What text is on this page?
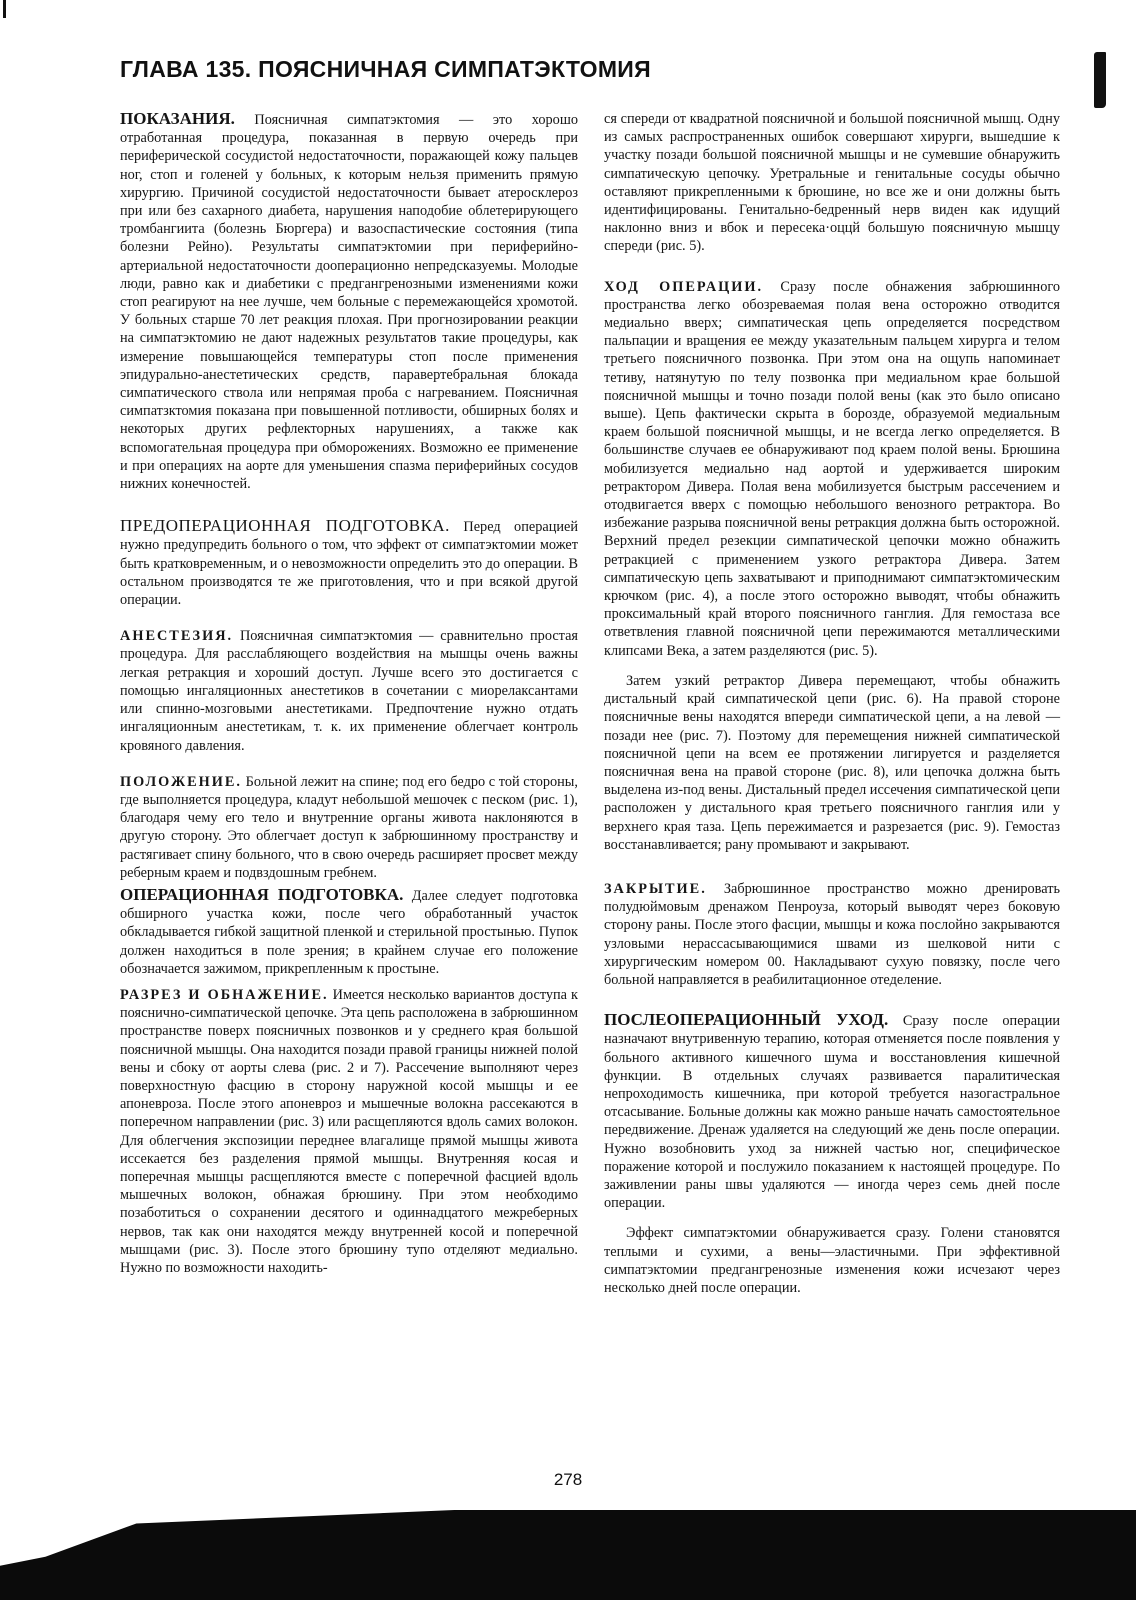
ГЛАВА 135. ПОЯСНИЧНАЯ СИМПАТЭКТОМИЯ

ПОКАЗАНИЯ. Поясничная симпатэктомия — это хорошо отработанная процедура, показанная в первую очередь при периферической сосудистой недостаточности, поражающей кожу пальцев ног, стоп и голеней у больных, к которым нельзя применить прямую хирургию. Причиной сосудистой недостаточности бывает атеросклероз при или без сахарного диабета, нарушения наподобие облетерирующего тромбангиита (болезнь Бюргера) и вазоспастические состояния (типа болезни Рейно). Результаты симпатэктомии при периферийно-артериальной недостаточности дооперационно непредсказуемы. Молодые люди, равно как и диабетики с предгангренозными изменениями кожи стоп реагируют на нее лучше, чем больные с перемежающейся хромотой. У больных старше 70 лет реакция плохая. При прогнозировании реакции на симпатэктомию не дают надежных результатов такие процедуры, как измерение повышающейся температуры стоп после применения эпидурально-анестетических средств, паравертебральная блокада симпатического ствола или непрямая проба с нагреванием. Поясничная симпатзктомия показана при повышенной потливости, обширных болях и некоторых других рефлекторных нарушениях, а также как вспомогательная процедура при обморожениях. Возможно ее применение и при операциях на аорте для уменьшения спазма периферийных сосудов нижних конечностей.

ПРЕДОПЕРАЦИОННАЯ ПОДГОТОВКА. Перед операцией нужно предупредить больного о том, что эффект от симпатэктомии может быть кратковременным, и о невозможности определить это до операции. В остальном производятся те же приготовления, что и при всякой другой операции.

АНЕСТЕЗИЯ. Поясничная симпатэктомия — сравнительно простая процедура. Для расслабляющего воздействия на мышцы очень важны легкая ретракция и хороший доступ. Лучше всего это достигается с помощью ингаляционных анестетиков в сочетании с миорелаксантами или спинно-мозговыми анестетиками. Предпочтение нужно отдать ингаляционным анестетикам, т. к. их применение облегчает контроль кровяного давления.

ПОЛОЖЕНИЕ. Больной лежит на спине; под его бедро с той стороны, где выполняется процедура, кладут небольшой мешочек с песком (рис. 1), благодаря чему его тело и внутренние органы живота наклоняются в другую сторону. Это облегчает доступ к забрюшинному пространству и растягивает спину больного, что в свою очередь расширяет просвет между реберным краем и подвздошным гребнем.

ОПЕРАЦИОННАЯ ПОДГОТОВКА. Далее следует подготовка обширного участка кожи, после чего обработанный участок обкладывается гибкой защитной пленкой и стерильной простынью. Пупок должен находиться в поле зрения; в крайнем случае его положение обозначается зажимом, прикрепленным к простыне.

РАЗРЕЗ И ОБНАЖЕНИЕ. Имеется несколько вариантов доступа к поясничнo-симпатической цепочке. Эта цепь расположена в забрюшинном пространстве поверх поясничных позвонков и у среднего края большой поясничной мышцы. Она находится позади правой границы нижней полой вены и сбоку от аорты слева (рис. 2 и 7). Рассечение выполняют через поверхностную фасцию в сторону наружной косой мышцы и ее апоневроза. После этого апоневроз и мышечные волокна рассекаются в поперечном направлении (рис. 3) или расщепляются вдоль самих волокон. Для облегчения экспозиции переднее влагалище прямой мышцы живота иссекается без разделения прямой мышцы. Внутренняя косая и поперечная мышцы расщепляются вместе с поперечной фасцией вдоль мышечных волокон, обнажая брюшину. При этом необходимо позаботиться о сохранении десятого и одиннадцатого межреберных нервов, так как они находятся между внутренней косой и поперечной мышцами (рис. 3). После этого брюшину тупо отделяют медиально. Нужно по возможности находить-

ся спереди от квадратной поясничной и большой поясничной мышц. Одну из самых распространенных ошибок совершают хирурги, вышедшие к участку позади большой поясничной мышцы и не сумевшие обнаружить симпатическую цепочку. Уретральные и генитальные сосуды обычно оставляют прикрепленными к брюшине, но все же и они должны быть идентифицированы. Генитально-бедренный нерв виден как идущий наклонно вниз и вбок и пересека·оццй большую поясничную мышцу спереди (рис. 5).

ХОД ОПЕРАЦИИ. Сразу после обнажения забрюшинного пространства легко обозреваемая полая вена осторожно отводится медиально вверх; симпатическая цепь определяется посредством пальпации и вращения ее между указательным пальцем хирурга и телом третьего поясничного позвонка. При этом она на ощупь напоминает тетиву, натянутую по телу позвонка при медиальном крае большой поясничной мышцы и точно позади полой вены (как это было описано выше). Цепь фактически скрыта в борозде, образуемой медиальным краем большой поясничной мышцы, и не всегда легко определяется. В большинстве случаев ее обнаруживают под краем полой вены. Брюшина мобилизуется медиально над аортой и удерживается широким ретрактором Дивера. Полая вена мобилизуется быстрым рассечением и отодвигается вверх с помощью небольшого венозного ретрактора. Во избежание разрыва поясничной вены ретракция должна быть осторожной. Верхний предел резекции симпатической цепочки можно обнажить ретракцией с применением узкого ретрактора Дивера. Затем симпатическую цепь захватывают и приподнимают симпатэктомическим крючком (рис. 4), а после этого осторожно выводят, чтобы обнажить проксимальный край второго поясничного ганглия. Для гемостаза все ответвления главной поясничной цепи пережимаются металлическими клипсами Века, а затем разделяются (рис. 5).

Затем узкий ретрактор Дивера перемещают, чтобы обнажить дистальный край симпатической цепи (рис. 6). На правой стороне поясничные вены находятся впереди симпатической цепи, а на левой — позади нее (рис. 7). Поэтому для перемещения нижней симпатической поясничной цепи на всем ее протяжении лигируется и разделяется поясничная вена на правой стороне (рис. 8), или цепочка должна быть выделена из-под вены. Дистальный предел иссечения симпатической цепи расположен у дистального края третьего поясничного ганглия или у верхнего края таза. Цепь пережимается и разрезается (рис. 9). Гемостаз восстанавливается; рану промывают и закрывают.

ЗАКРЫТИЕ. Забрюшинное пространство можно дренировать полудюймовым дренажом Пенроуза, который выводят через боковую сторону раны. После этого фасции, мышцы и кожа послойно закрываются узловыми нерассасывающимися швами из шелковой нити с хирургическим номером 00. Накладывают сухую повязку, после чего больной направляется в реабилитационное отеделение.

ПОСЛЕОПЕРАЦИОННЫЙ УХОД. Сразу после операции назначают внутривенную терапию, которая отменяется после появления у больного активного кишечного шума и восстановления кишечной функции. В отдельных случаях развивается паралитическая непроходимость кишечника, при которой требуется назогастральное отсасывание. Больные должны как можно раньше начать самостоятельное передвижение. Дренаж удаляется на следующий же день после операции. Нужно возобновить уход за нижней частью ног, специфическое поражение которой и послужило показанием к настоящей процедуре. По заживлении раны швы удаляются — иногда через семь дней после операции.

Эффект симпатэктомии обнаруживается сразу. Голени становятся теплыми и сухими, а вены—эластичными. При эффективной симпатэктомии предгангренозные изменения кожи исчезают через несколько дней после операции.

278
